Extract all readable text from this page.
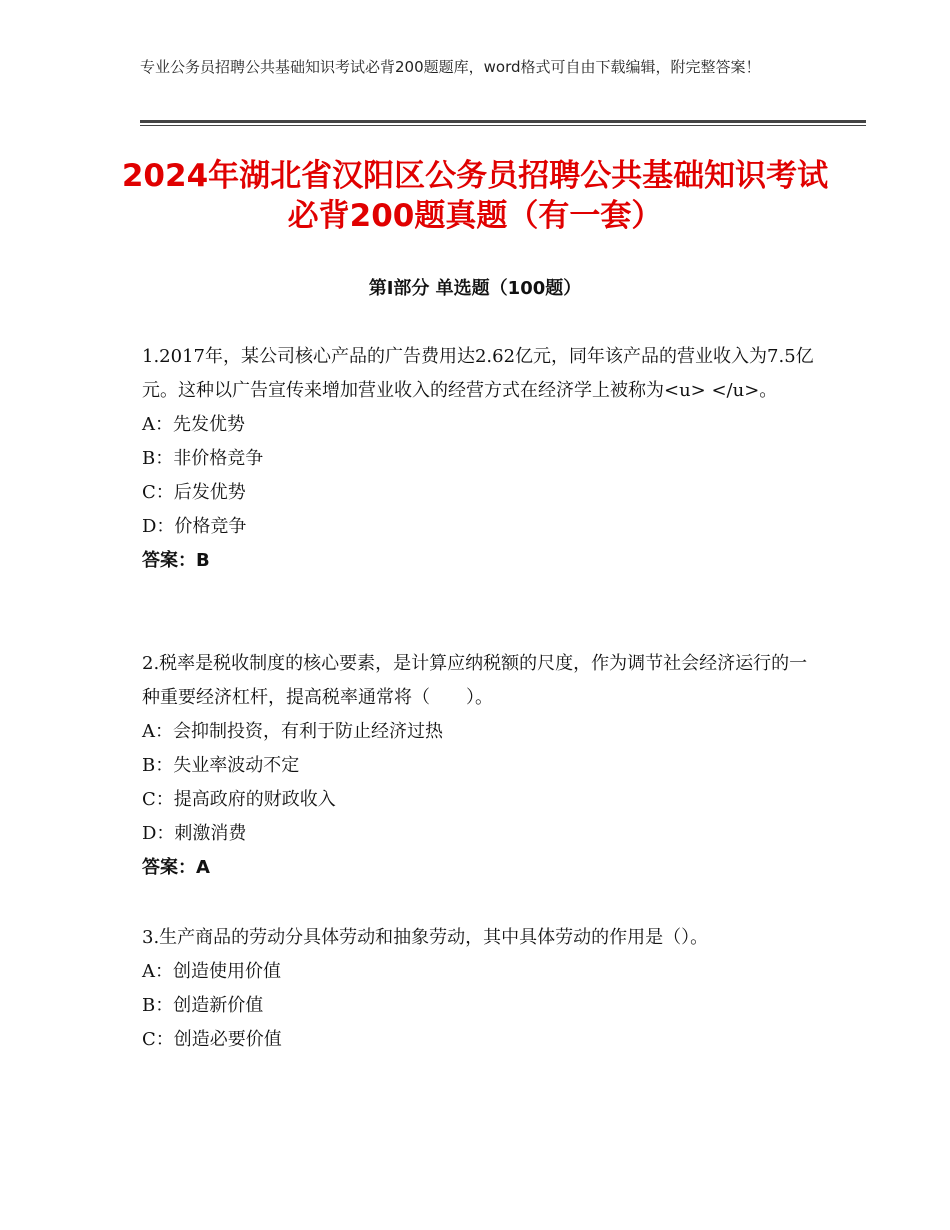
专业公务员招聘公共基础知识考试必背200题题库，word格式可自由下载编辑，附完整答案！
2024年湖北省汉阳区公务员招聘公共基础知识考试必背200题真题（有一套）
第Ⅰ部分 单选题（100题）

1.2017年，某公司核心产品的广告费用达2.62亿元，同年该产品的营业收入为7.5亿元。这种以广告宣传来增加营业收入的经营方式在经济学上被称为<u> </u>。

A：先发优势
B：非价格竞争
C：后发优势
D：价格竞争
答案：B

2.税率是税收制度的核心要素，是计算应纳税额的尺度，作为调节社会经济运行的一种重要经济杠杆，提高税率通常将（　　）。

A：会抑制投资，有利于防止经济过热
B：失业率波动不定
C：提高政府的财政收入
D：刺激消费
答案：A

3.生产商品的劳动分具体劳动和抽象劳动，其中具体劳动的作用是（）。

A：创造使用价值
B：创造新价值
C：创造必要价值
